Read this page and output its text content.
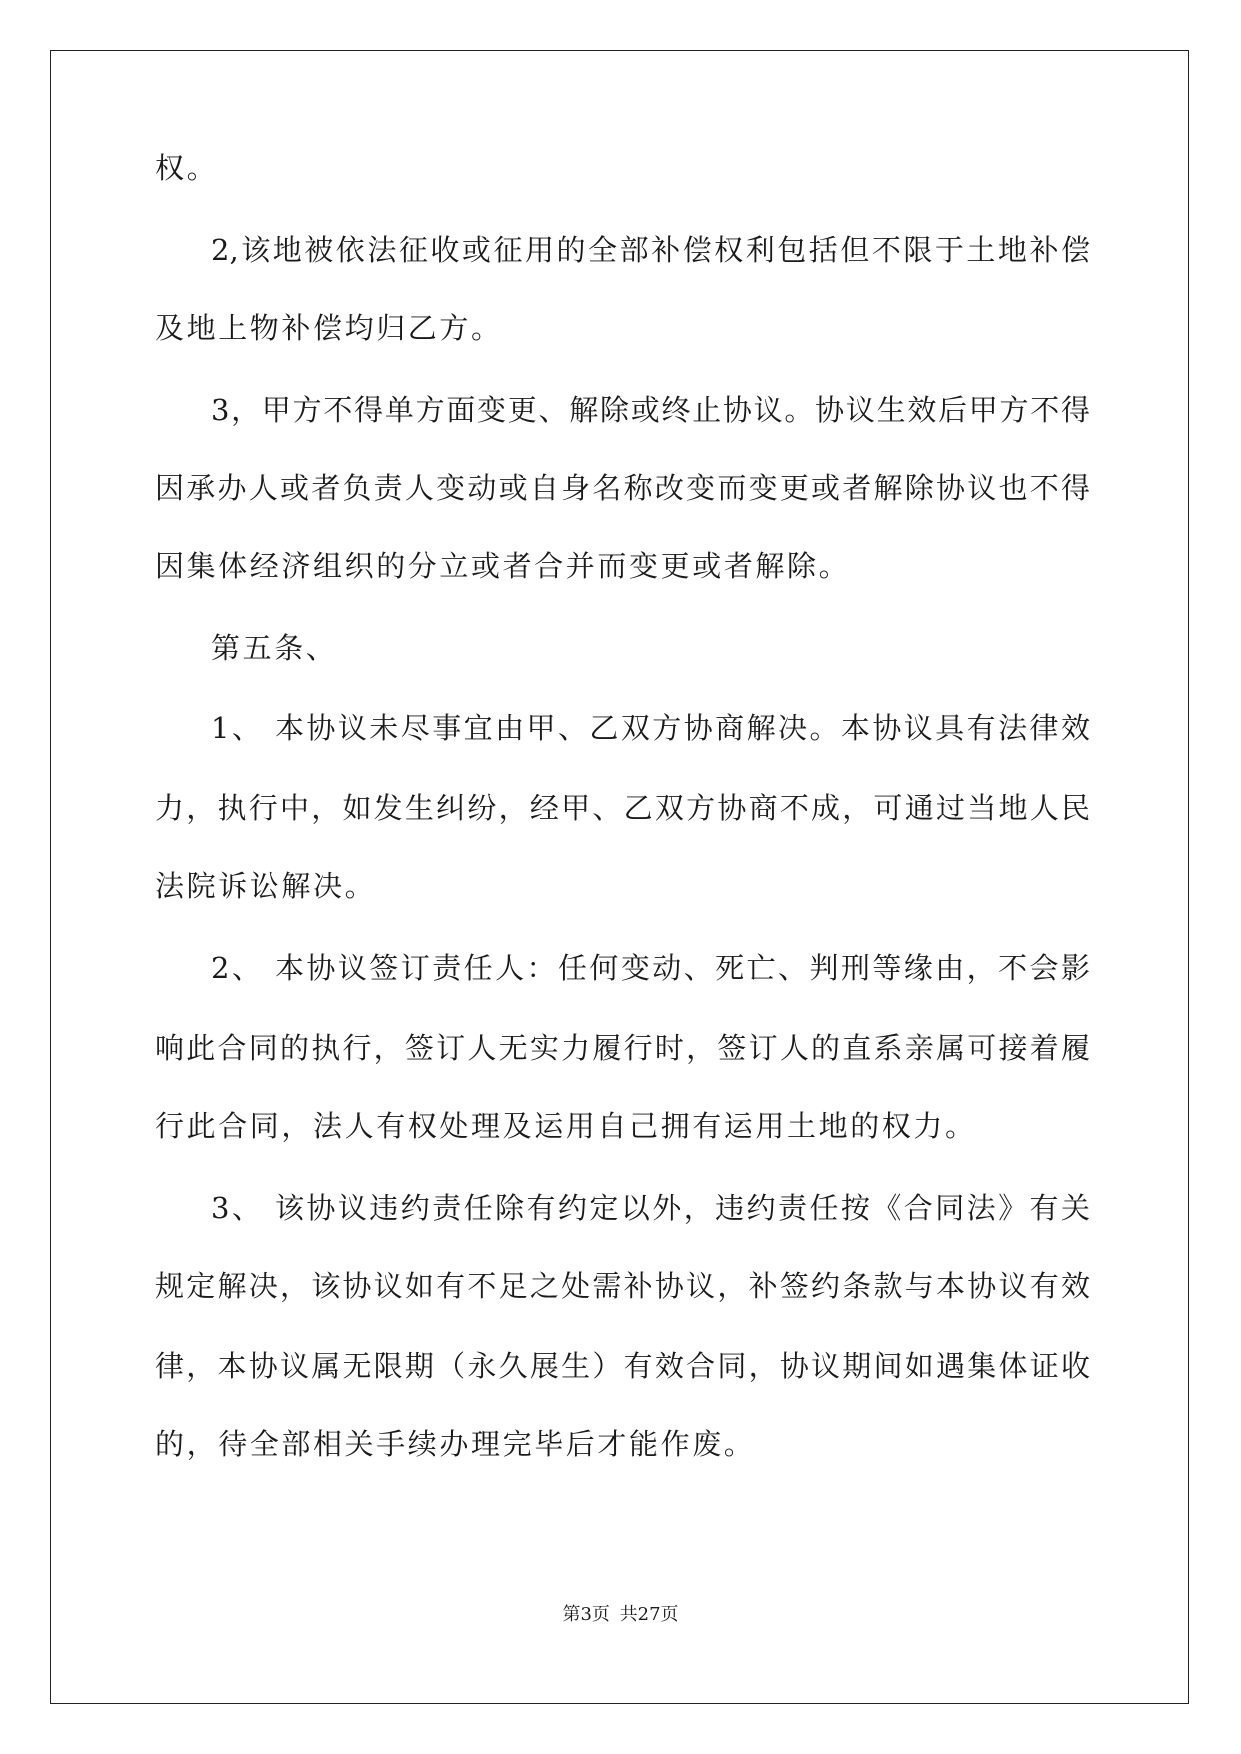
权。
2,该地被依法征收或征用的全部补偿权利包括但不限于土地补偿
及地上物补偿均归乙方。
3，甲方不得单方面变更、解除或终止协议。协议生效后甲方不得
因承办人或者负责人变动或自身名称改变而变更或者解除协议也不得
因集体经济组织的分立或者合并而变更或者解除。
第五条、
1、 本协议未尽事宜由甲、乙双方协商解决。本协议具有法律效
力，执行中，如发生纠纷，经甲、乙双方协商不成，可通过当地人民
法院诉讼解决。
2、 本协议签订责任人：任何变动、死亡、判刑等缘由，不会影
响此合同的执行，签订人无实力履行时，签订人的直系亲属可接着履
行此合同，法人有权处理及运用自己拥有运用土地的权力。
3、 该协议违约责任除有约定以外，违约责任按《合同法》有关
规定解决，该协议如有不足之处需补协议，补签约条款与本协议有效
律，本协议属无限期（永久展生）有效合同，协议期间如遇集体证收
的，待全部相关手续办理完毕后才能作废。
第3页 共27页
